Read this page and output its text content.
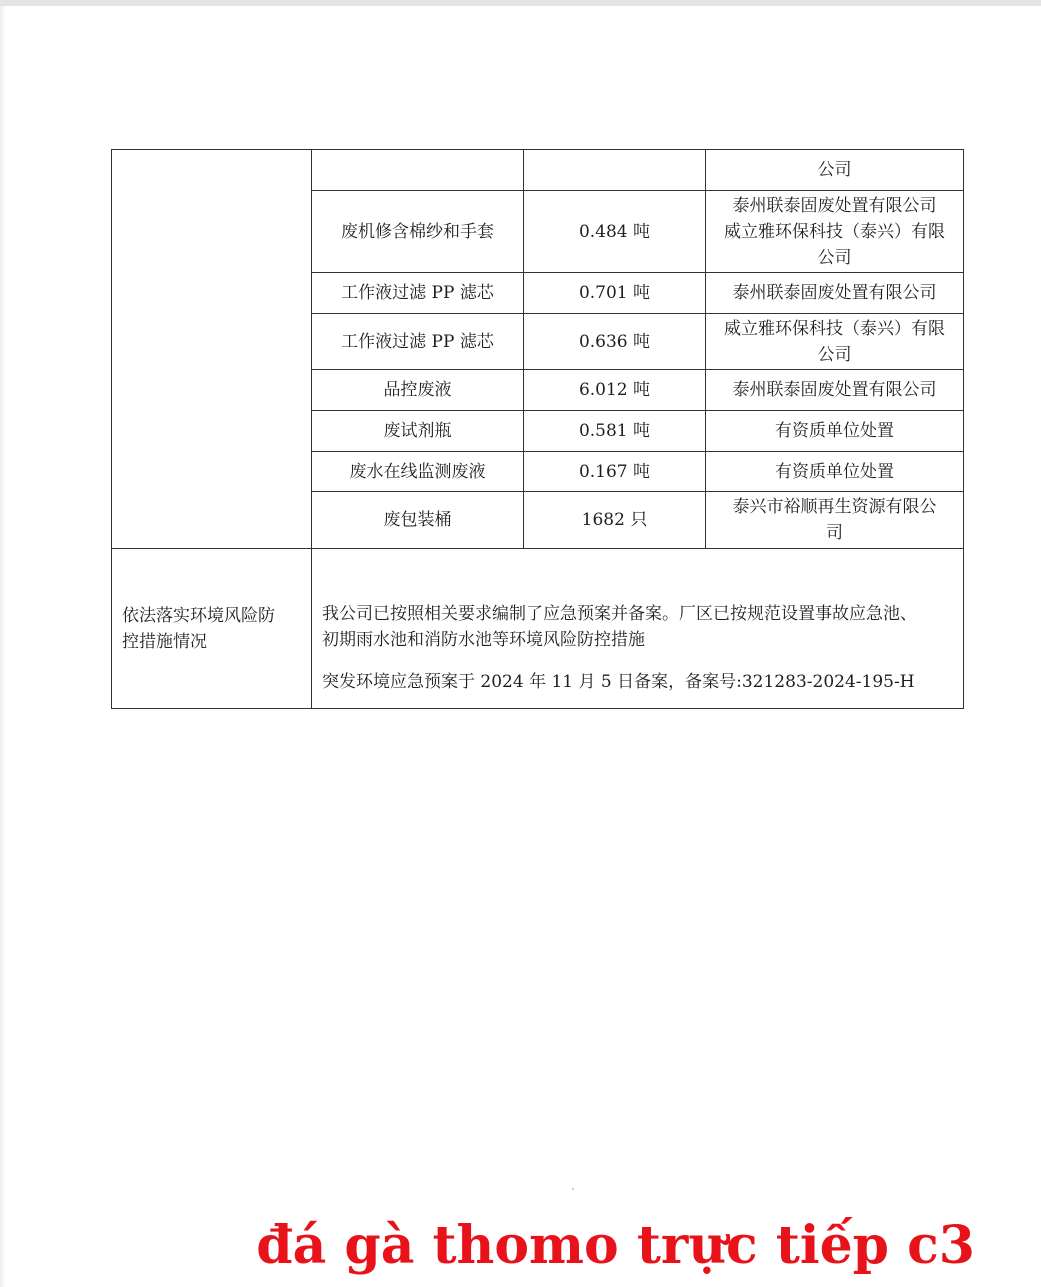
			公司

	废机修含棉纱和手套	0.484 吨	泰州联泰固废处置有限公司
威立雅环保科技（泰兴）有限
公司

	工作液过滤 PP 滤芯	0.701 吨	泰州联泰固废处置有限公司

	工作液过滤 PP 滤芯	0.636 吨	威立雅环保科技（泰兴）有限
公司

	品控废液	6.012 吨	泰州联泰固废处置有限公司

	废试剂瓶	0.581 吨	有资质单位处置

	废水在线监测废液	0.167 吨	有资质单位处置

	废包装桶	1682 只	泰兴市裕顺再生资源有限公
司

依法落实环境风险防
控措施情况	我公司已按照相关要求编制了应急预案并备案。厂区已按规范设置事故应急池、
初期雨水池和消防水池等环境风险防控措施
突发环境应急预案于 2024 年 11 月 5 日备案，备案号:321283-2024-195-H		
đá gà thomo trực tiếp c3
